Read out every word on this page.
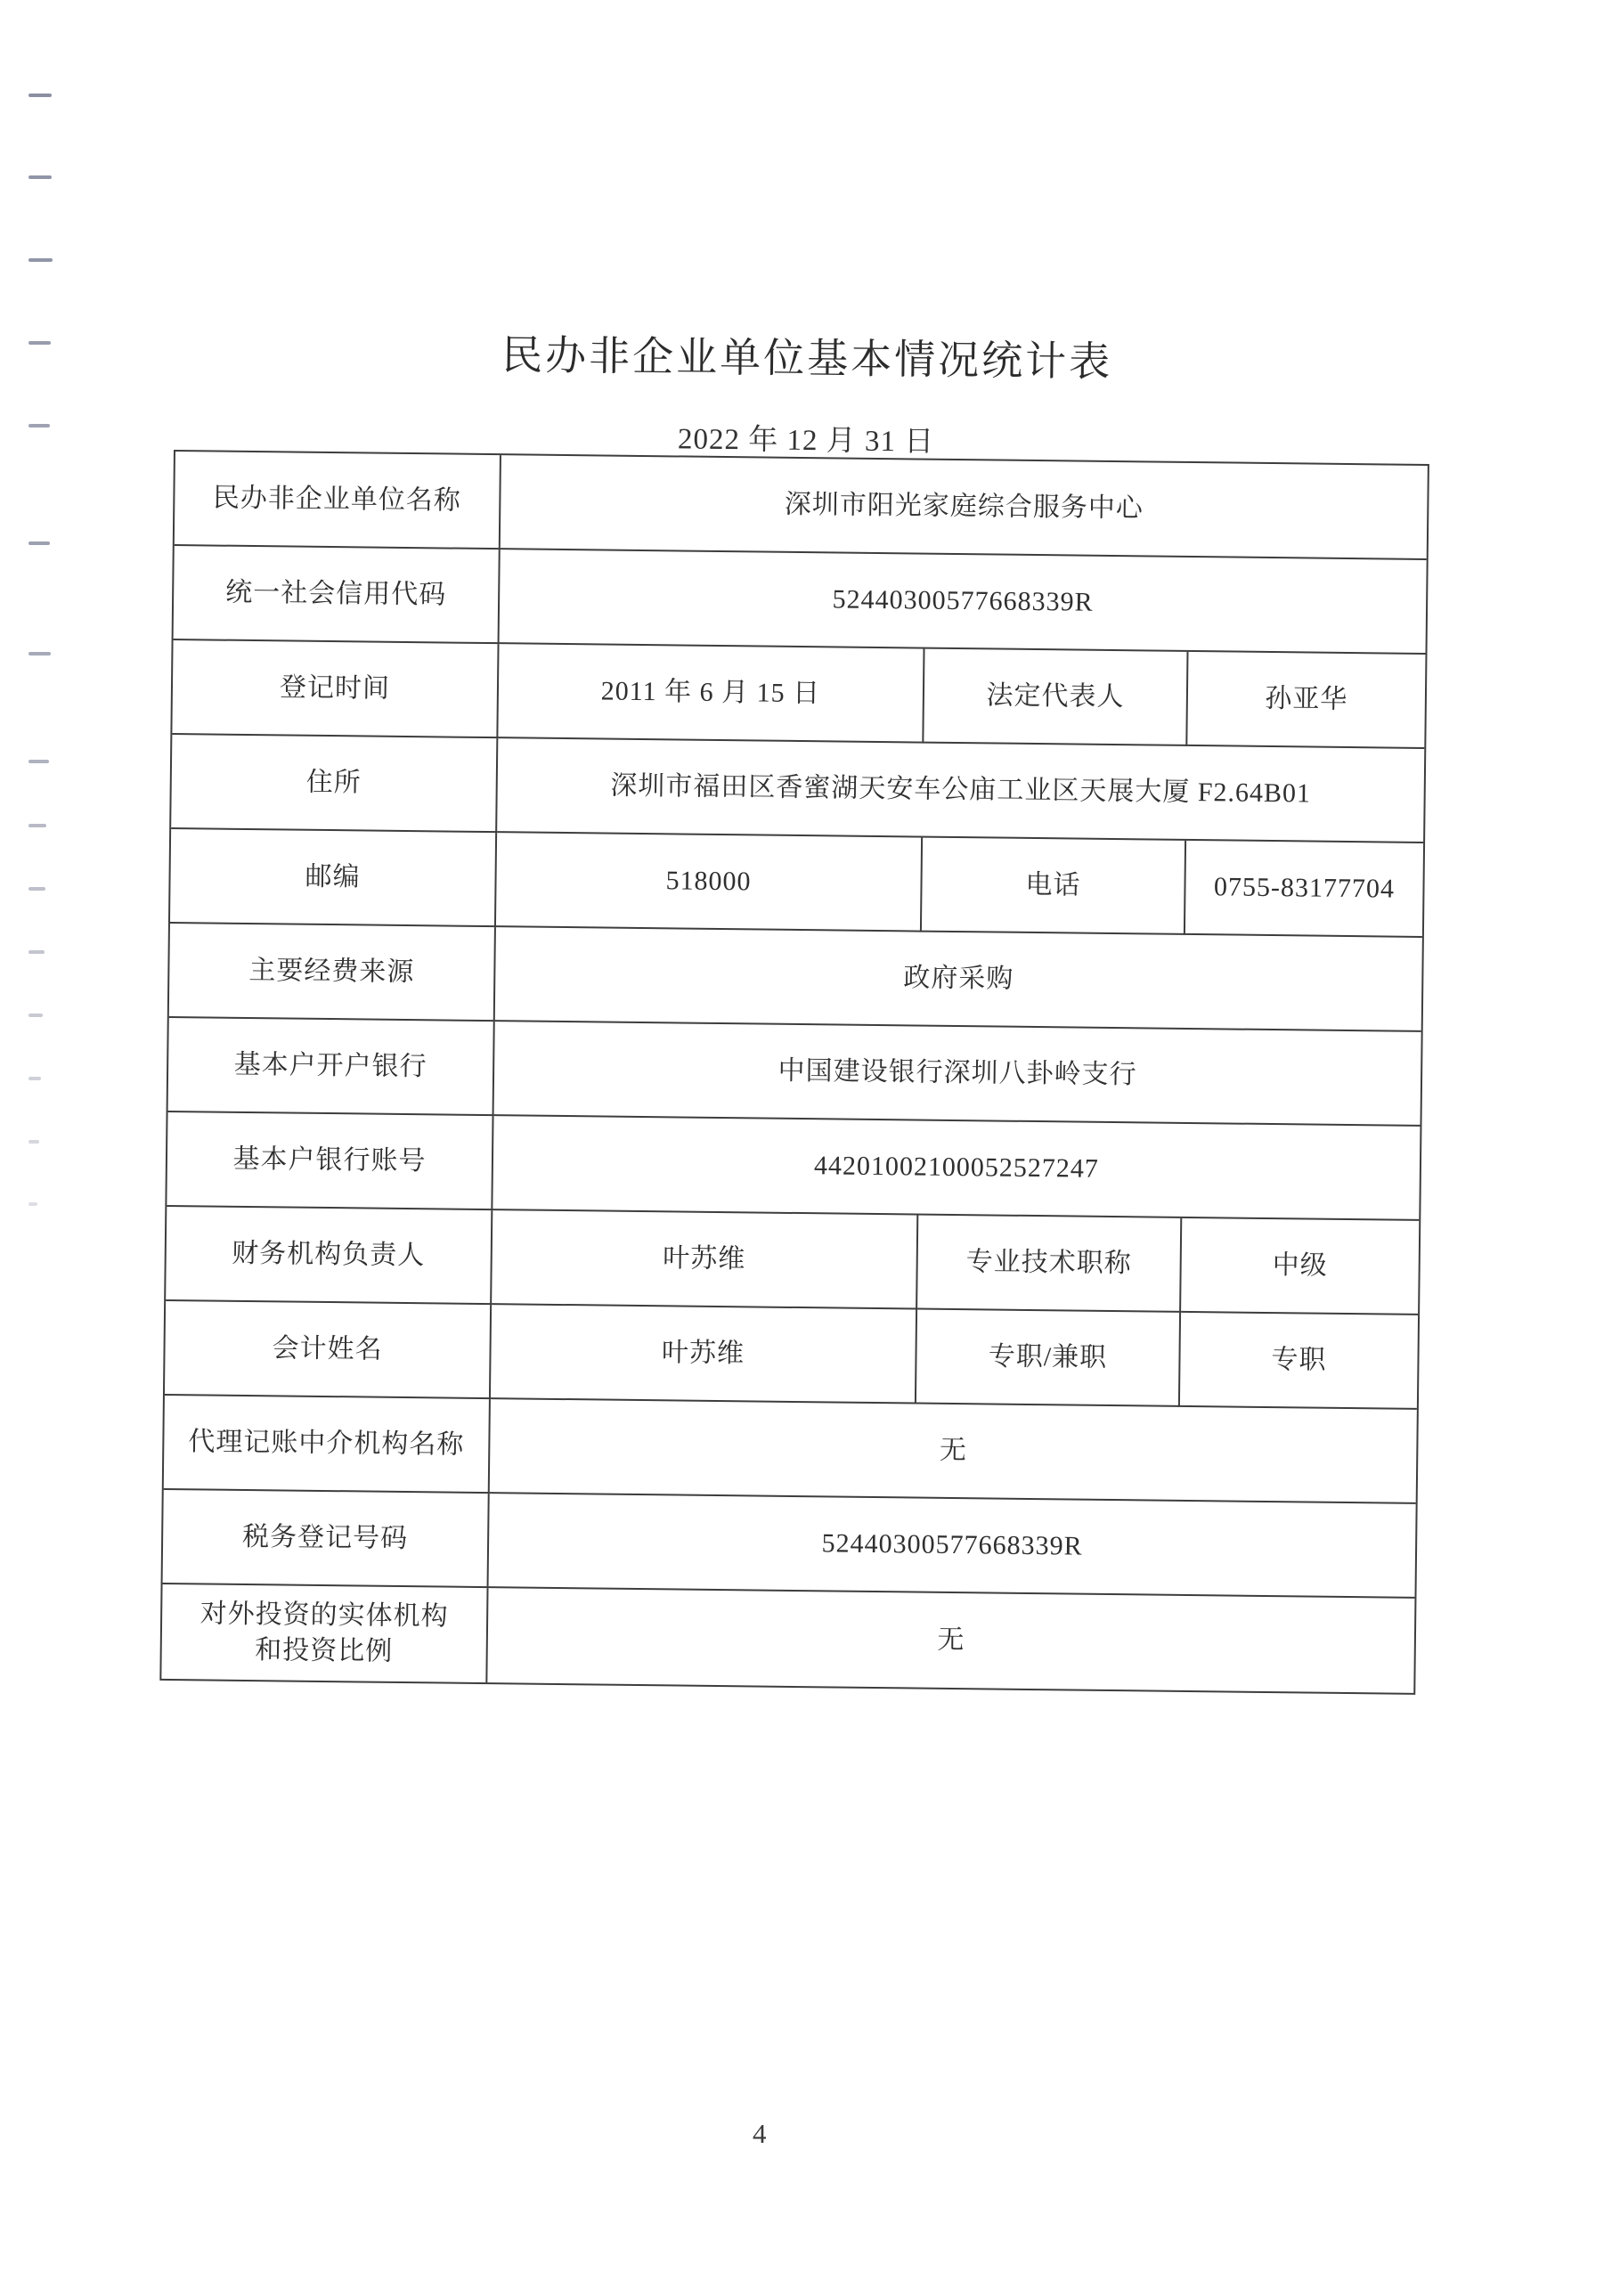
民办非企业单位基本情况统计表
2022 年 12 月 31 日
民办非企业单位名称	深圳市阳光家庭综合服务中心
统一社会信用代码	52440300577668339R
登记时间	2011 年 6 月 15 日	法定代表人	孙亚华
住所	深圳市福田区香蜜湖天安车公庙工业区天展大厦 F2.64B01
邮编	518000	电话	0755-83177704
主要经费来源	政府采购
基本户开户银行	中国建设银行深圳八卦岭支行
基本户银行账号	44201002100052527247
财务机构负责人	叶苏维	专业技术职称	中级
会计姓名	叶苏维	专职/兼职	专职
代理记账中介机构名称	无
税务登记号码	52440300577668339R
对外投资的实体机构和投资比例	无
4
